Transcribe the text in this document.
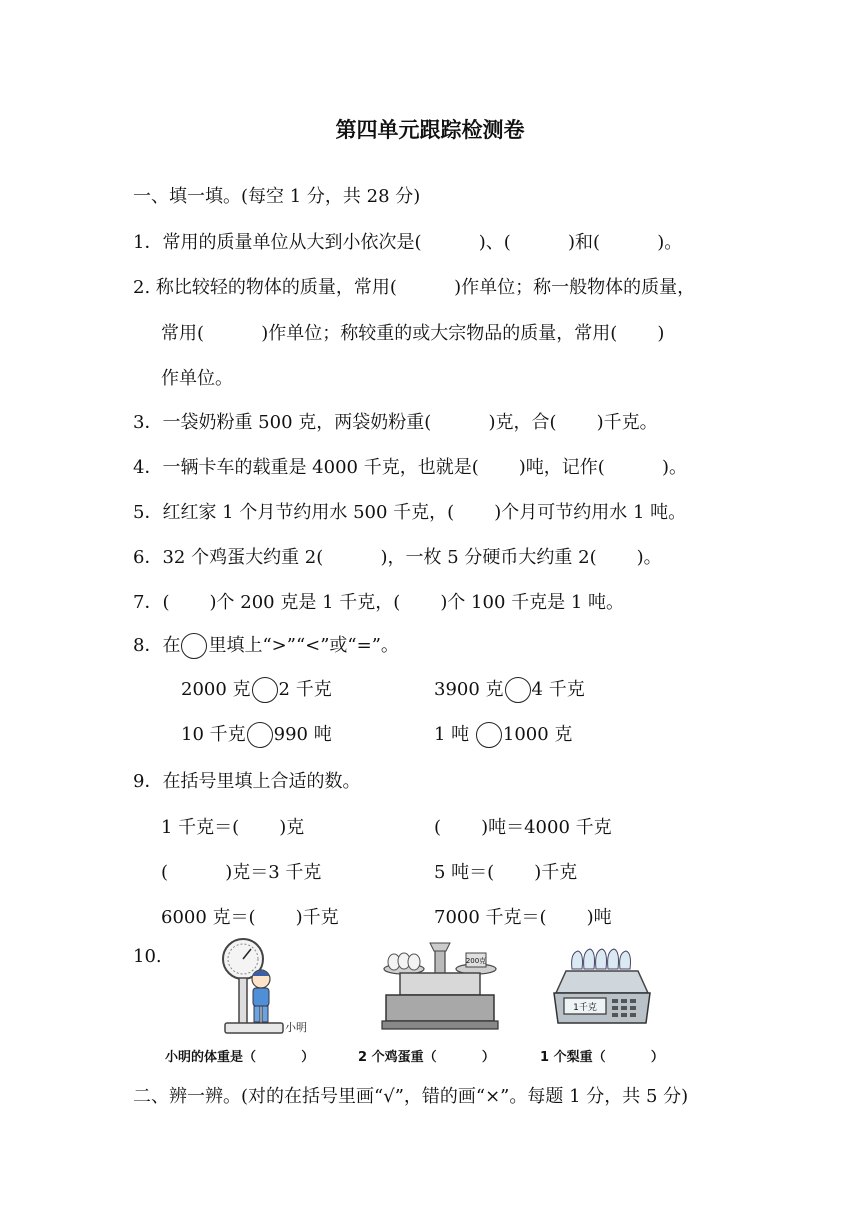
第四单元跟踪检测卷
一、填一填。(每空 1 分，共 28 分)
1．常用的质量单位从大到小依次是(          )、(          )和(          )。
2. 称比较轻的物体的质量，常用(          )作单位；称一般物体的质量，
常用(          )作单位；称较重的或大宗物品的质量，常用(       )
作单位。
3．一袋奶粉重 500 克，两袋奶粉重(          )克，合(       )千克。
4．一辆卡车的载重是 4000 千克，也就是(       )吨，记作(          )。
5．红红家 1 个月节约用水 500 千克，(       )个月可节约用水 1 吨。
6．32 个鸡蛋大约重 2(          )，一枚 5 分硬币大约重 2(       )。
7．(       )个 200 克是 1 千克，(       )个 100 千克是 1 吨。
8．在 里填上“>”“<”或“=”。
2000 克 2 千克	3900 克 4 千克
10 千克 990 吨	1 吨 1000 克
9．在括号里填上合适的数。
1 千克＝(       )克	(       )吨＝4000 千克
(          )克＝3 千克	5 吨＝(       )千克
6000 克＝(       )千克	7000 千克＝(       )吨
10.
小明
200克
1千克
小明的体重是（          ）	2 个鸡蛋重（          ）	1 个梨重（          ）
二、辨一辨。(对的在括号里画“√”，错的画“×”。每题 1 分，共 5 分)
